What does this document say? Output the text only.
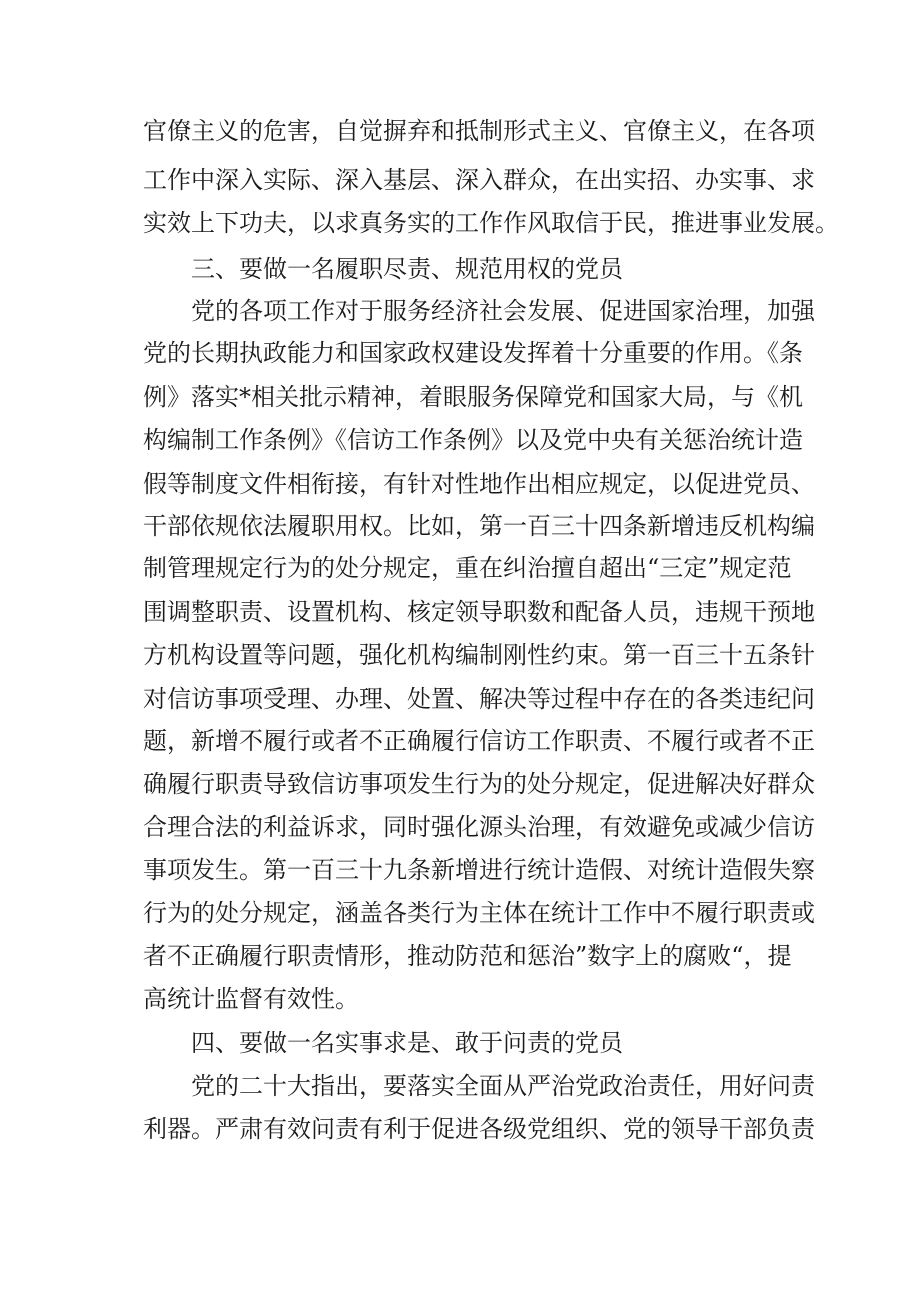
官僚主义的危害，自觉摒弃和抵制形式主义、官僚主义，在各项
工作中深入实际、深入基层、深入群众，在出实招、办实事、求
实效上下功夫，以求真务实的工作作风取信于民，推进事业发展。
三、要做一名履职尽责、规范用权的党员
党的各项工作对于服务经济社会发展、促进国家治理，加强
党的长期执政能力和国家政权建设发挥着十分重要的作用。《条
例》落实*相关批示精神，着眼服务保障党和国家大局，与《机
构编制工作条例》《信访工作条例》以及党中央有关惩治统计造
假等制度文件相衔接，有针对性地作出相应规定，以促进党员、
干部依规依法履职用权。比如，第一百三十四条新增违反机构编
制管理规定行为的处分规定，重在纠治擅自超出“三定”规定范
围调整职责、设置机构、核定领导职数和配备人员，违规干预地
方机构设置等问题，强化机构编制刚性约束。第一百三十五条针
对信访事项受理、办理、处置、解决等过程中存在的各类违纪问
题，新增不履行或者不正确履行信访工作职责、不履行或者不正
确履行职责导致信访事项发生行为的处分规定，促进解决好群众
合理合法的利益诉求，同时强化源头治理，有效避免或减少信访
事项发生。第一百三十九条新增进行统计造假、对统计造假失察
行为的处分规定，涵盖各类行为主体在统计工作中不履行职责或
者不正确履行职责情形，推动防范和惩治”数字上的腐败“，提
高统计监督有效性。
四、要做一名实事求是、敢于问责的党员
党的二十大指出，要落实全面从严治党政治责任，用好问责
利器。严肃有效问责有利于促进各级党组织、党的领导干部负责
